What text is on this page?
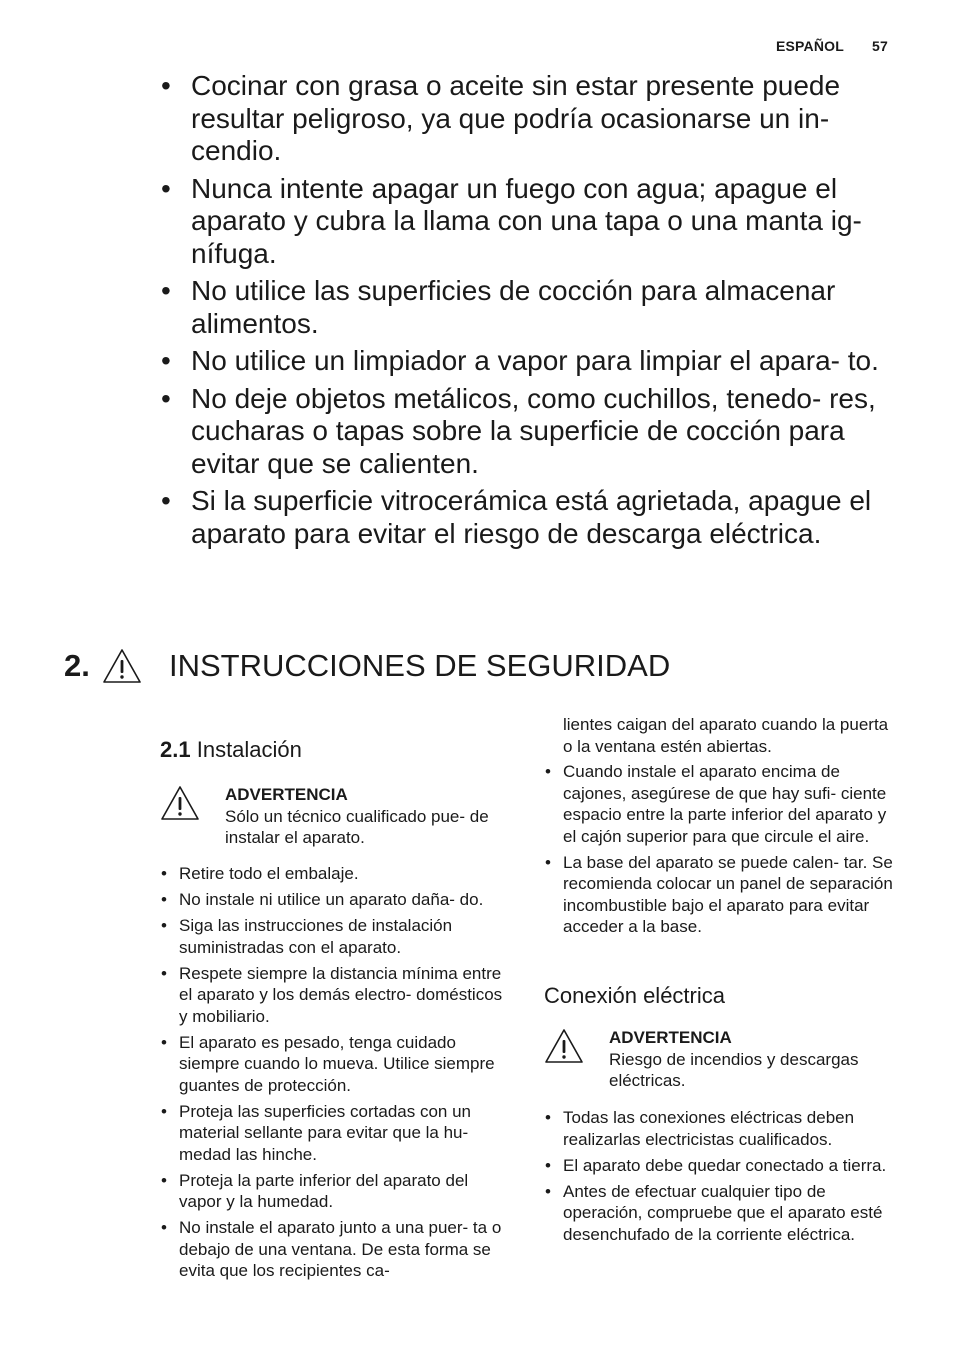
ESPAÑOL 57
• Cocinar con grasa o aceite sin estar presente puede resultar peligroso, ya que podría ocasionarse un in- cendio.
• Nunca intente apagar un fuego con agua; apague el aparato y cubra la llama con una tapa o una manta ig- nífuga.
• No utilice las superficies de cocción para almacenar alimentos.
• No utilice un limpiador a vapor para limpiar el apara- to.
• No deje objetos metálicos, como cuchillos, tenedo- res, cucharas o tapas sobre la superficie de cocción para evitar que se calienten.
• Si la superficie vitrocerámica está agrietada, apague el aparato para evitar el riesgo de descarga eléctrica.
2.	INSTRUCCIONES DE SEGURIDAD
2.1 Instalación
ADVERTENCIA
Sólo un técnico cualificado pue- de instalar el aparato.
• Retire todo el embalaje.
• No instale ni utilice un aparato daña- do.
• Siga las instrucciones de instalación suministradas con el aparato.
• Respete siempre la distancia mínima entre el aparato y los demás electro- domésticos y mobiliario.
• El aparato es pesado, tenga cuidado siempre cuando lo mueva. Utilice siempre guantes de protección.
• Proteja las superficies cortadas con un material sellante para evitar que la hu- medad las hinche.
• Proteja la parte inferior del aparato del vapor y la humedad.
• No instale el aparato junto a una puer- ta o debajo de una ventana. De esta forma se evita que los recipientes ca-
lientes caigan del aparato cuando la puerta o la ventana estén abiertas.
• Cuando instale el aparato encima de cajones, asegúrese de que hay sufi- ciente espacio entre la parte inferior del aparato y el cajón superior para que circule el aire.
• La base del aparato se puede calen- tar. Se recomienda colocar un panel de separación incombustible bajo el aparato para evitar acceder a la base.
Conexión eléctrica
ADVERTENCIA
Riesgo de incendios y descargas eléctricas.
• Todas las conexiones eléctricas deben realizarlas electricistas cualificados.
• El aparato debe quedar conectado a tierra.
• Antes de efectuar cualquier tipo de operación, compruebe que el aparato esté desenchufado de la corriente eléctrica.
